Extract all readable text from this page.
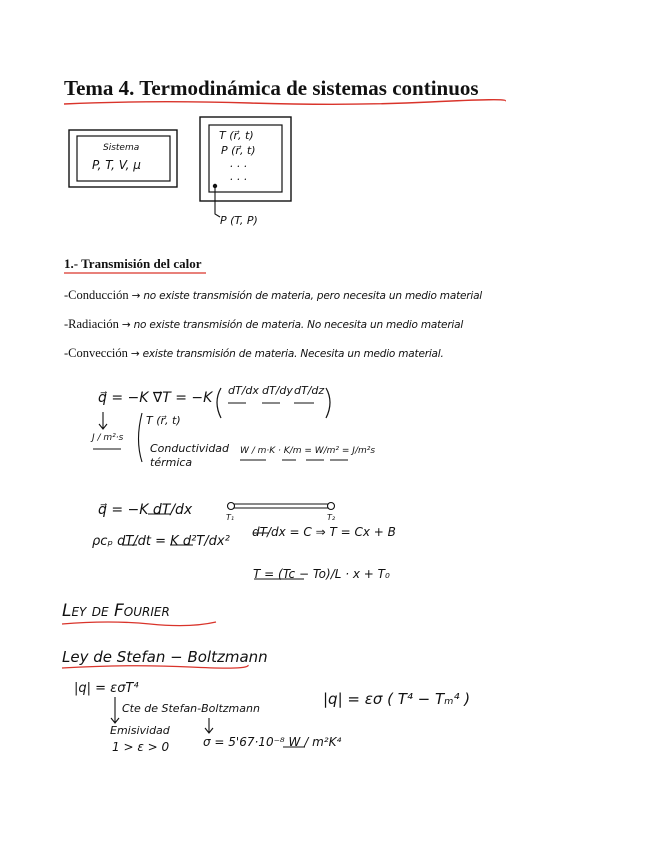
Tema 4. Termodinámica de sistemas continuos
Sistema
P, T, V, μ
T (r⃗, t)
P (r⃗, t)
. . .
. . .
P (T, P)
1.- Transmisión del calor
-Conducción → no existe transmisión de materia, pero necesita un medio material
-Radiación → no existe transmisión de materia. No necesita un medio material
-Convección → existe transmisión de materia. Necesita un medio material.
q⃗ = −K ∇⃗T = −K dT/dx dT/dy dT/dz
T (r⃗, t)
J / m²·s
Conductividad térmica
W / m·K · K/m = W/m² = J/m²s
q⃗ = −K dT/dx
ρcₚ dT/dt = K d²T/dx²
T₁	T₂
dT/dx = C ⇒ T = Cx + B
T = (Tc − To)/L · x + T₀
Ley de Fourier
Ley de Stefan − Boltzmann
|q| = εσT⁴
|q| = εσ ( T⁴ − Tₘ⁴ )
Cte de Stefan-Boltzmann
Emisividad
1 > ε > 0	σ = 5'67·10⁻⁸ W / m²K⁴
